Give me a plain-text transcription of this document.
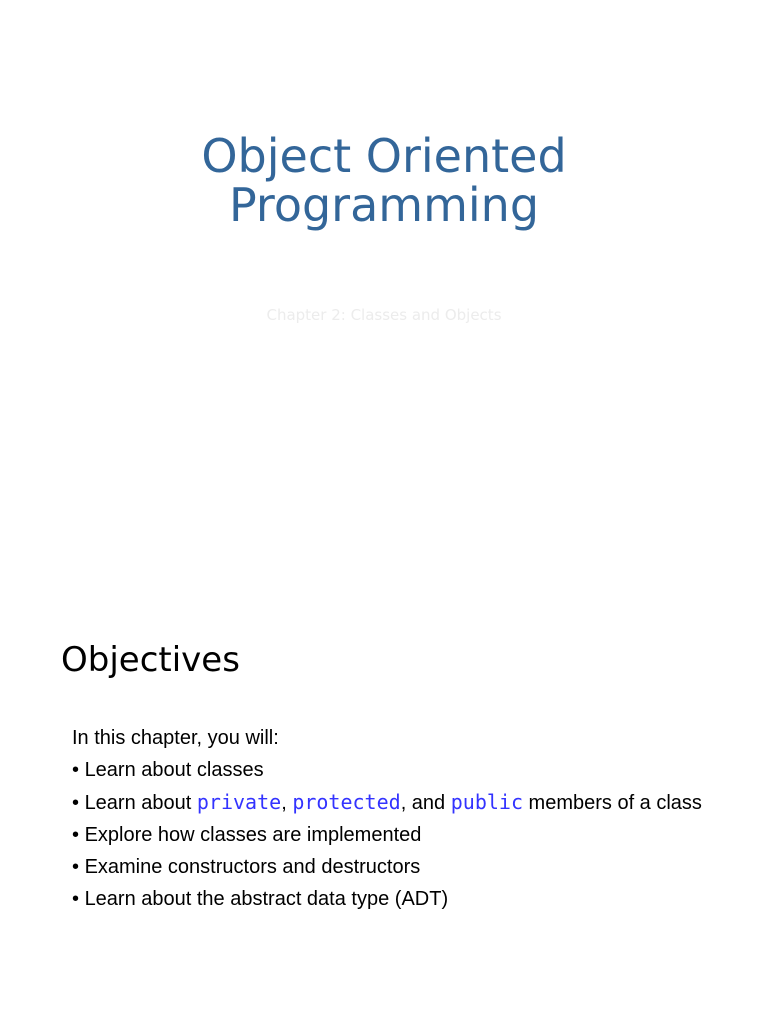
Object Oriented
Programming
Chapter 2: Classes and Objects
Objectives
In this chapter, you will:
• Learn about classes
• Learn about private, protected, and public members of a class
• Explore how classes are implemented
• Examine constructors and destructors
• Learn about the abstract data type (ADT)
